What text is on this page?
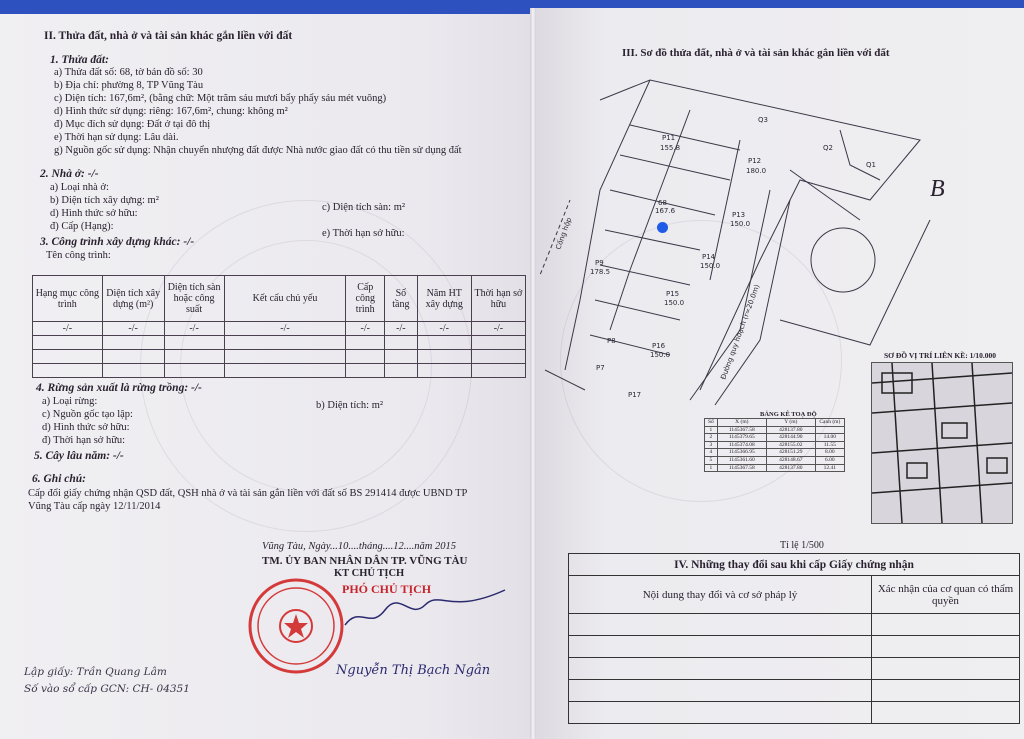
II. Thửa đất, nhà ở và tài sản khác gắn liền với đất
1. Thửa đất:
a) Thửa đất số: 68, tờ bản đồ số: 30
b) Địa chỉ: phường 8, TP Vũng Tàu
c) Diện tích: 167,6m², (bằng chữ: Một trăm sáu mươi bẩy phẩy sáu mét vuông)
d) Hình thức sử dụng: riêng: 167,6m², chung: không m²
đ) Mục đích sử dụng: Đất ở tại đô thị
e) Thời hạn sử dụng: Lâu dài.
g) Nguồn gốc sử dụng: Nhận chuyển nhượng đất được Nhà nước giao đất có thu tiền sử dụng đất
2. Nhà ở: -/-
a) Loại nhà ở:
b) Diện tích xây dựng: m²
d) Hình thức sở hữu:
đ) Cấp (Hạng):
c) Diện tích sàn: m²
e) Thời hạn sở hữu:
3. Công trình xây dựng khác: -/-
Tên công trình:
Hạng mục công trình	Diện tích xây dựng (m²)	Diện tích sàn hoặc công suất	Kết cấu chủ yếu	Cấp công trình	Số tầng	Năm HT xây dựng	Thời hạn sở hữu
-/-	-/-	-/-	-/-	-/-	-/-	-/-	-/-

4. Rừng sản xuất là rừng trồng: -/-
a) Loại rừng:
c) Nguồn gốc tạo lập:
d) Hình thức sở hữu:
đ) Thời hạn sở hữu:
b) Diện tích: m²
5. Cây lâu năm: -/-
6. Ghi chú:
Cấp đổi giấy chứng nhận QSD đất, QSH nhà ở và tài sản gắn liền với đất số BS 291414 được UBND TP
Vũng Tàu cấp ngày 12/11/2014
Vũng Tàu, Ngày...10....tháng....12....năm 2015
TM. ỦY BAN NHÂN DÂN TP. VŨNG TÀU
KT CHỦ TỊCH
PHÓ CHỦ TỊCH
Nguyễn Thị Bạch Ngân
Lập giấy: Trần Quang Lâm
Số vào sổ cấp GCN: CH- 04351
III. Sơ đồ thửa đất, nhà ở và tài sản khác gắn liền với đất
P11
155.8
68
167.6
P12
180.0
P13
150.0
P9
178.5
P14
150.0
P15
150.0
P16
150.0
P7
P8
P17
Q1
Q2
Q3
Cống hộp
Đường quy hoạch (r=20.0m)
B
SƠ ĐỒ VỊ TRÍ LIÊN KỀ: 1/10.000
BẢNG KÊ TOẠ ĐỘ
Số	X (m)	Y (m)	Cạnh (m)
1	1145367.58	428137.80	
2	1145379.65	428144.90	14.00
3	1145374.08	428155.02	11.55
4	1145366.95	428151.29	8.00
5	1145361.60	428148.67	6.00
1	1145367.58	428137.80	12.41
Tỉ lệ 1/500
IV. Những thay đổi sau khi cấp Giấy chứng nhận	
Nội dung thay đổi và cơ sở pháp lý	Xác nhận của cơ quan có thẩm quyền
